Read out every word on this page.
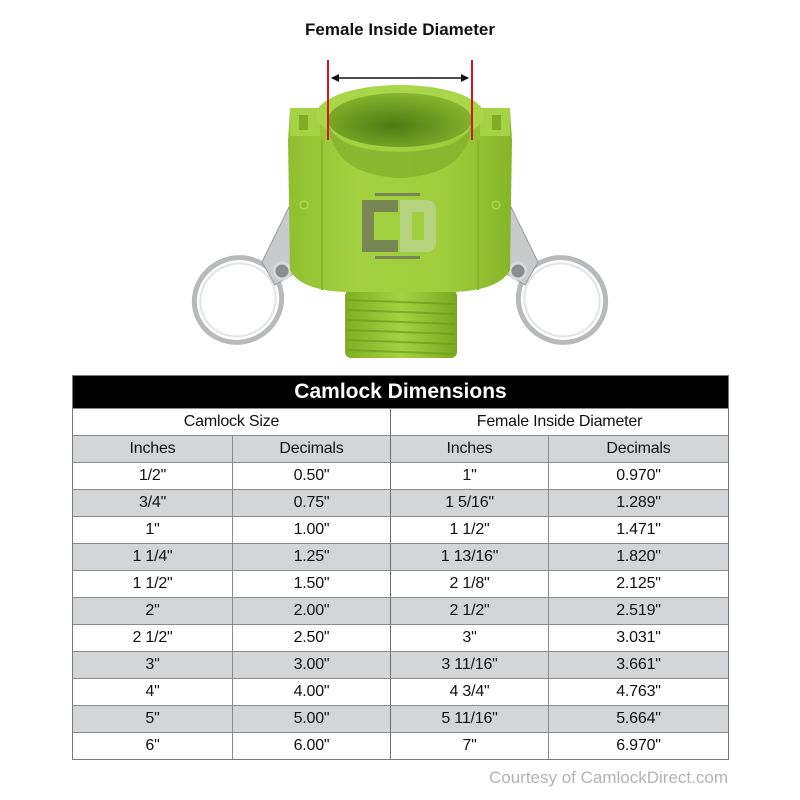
Female Inside Diameter
Camlock Dimensions
Camlock Size	Female Inside Diameter
Inches	Decimals	Inches	Decimals
1/2"	0.50"	1"	0.970"
3/4"	0.75"	1 5/16"	1.289"
1"	1.00"	1 1/2"	1.471"
1 1/4"	1.25"	1 13/16"	1.820"
1 1/2"	1.50"	2 1/8"	2.125"
2"	2.00"	2 1/2"	2.519"
2 1/2"	2.50"	3"	3.031"
3"	3.00"	3 11/16"	3.661"
4"	4.00"	4 3/4"	4.763"
5"	5.00"	5 11/16"	5.664"
6"	6.00"	7"	6.970"
Courtesy of CamlockDirect.com
